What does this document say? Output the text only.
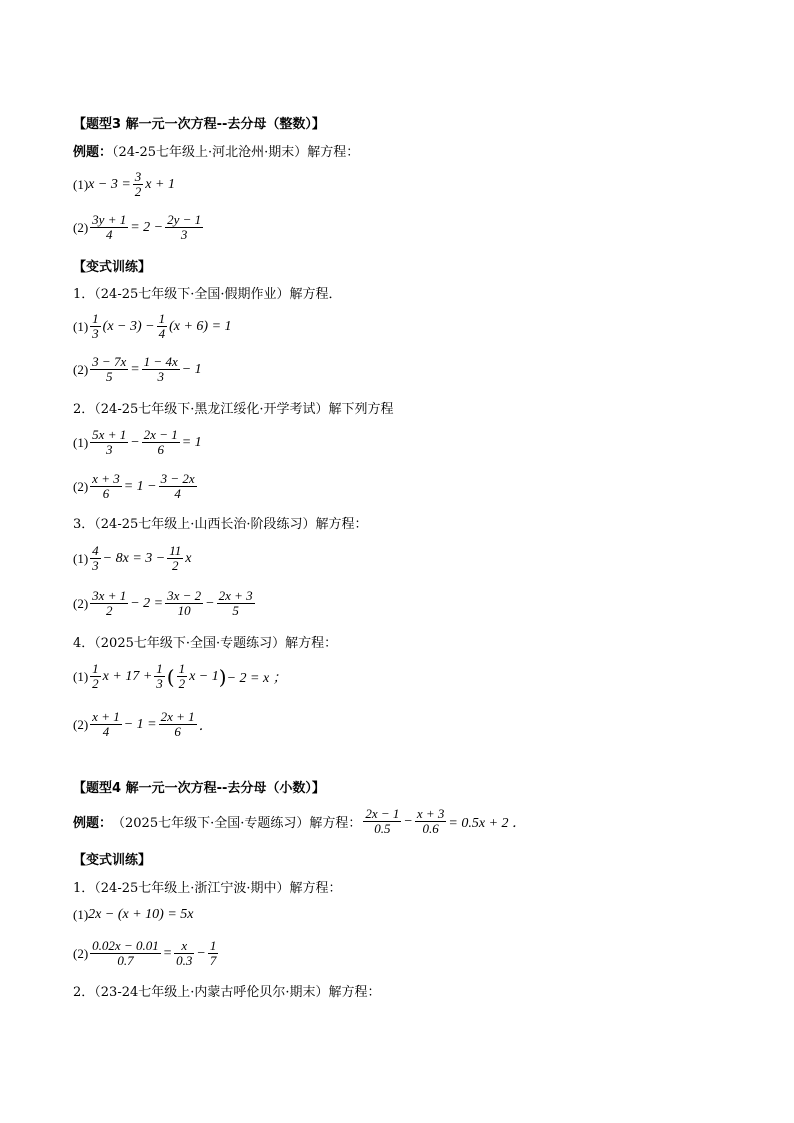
【题型3 解一元一次方程--去分母（整数）】
例题：（24-25七年级上·河北沧州·期末）解方程：
(1) $x - 3 = \frac{3}{2}$ x + 1
$(2) \frac{3y + 1}{4} = 2 - \frac{2y - 1}{3}$
【变式训练】
1．（24-25七年级下·全国·假期作业）解方程．
$(1) \frac{1}{3} (x - 3) - \frac{1}{4} (x + 6) = 1$
$(2) \frac{3 - 7x}{5} = \frac{1 - 4x}{3} - 1$
2．（24-25七年级下·黑龙江绥化·开学考试）解下列方程
$(1) \frac{5x + 1}{3} - \frac{2x - 1}{6} = 1$
$(2) \frac{x + 3}{6} = 1 - \frac{3 - 2x}{4}$
3．（24-25七年级上·山西长治·阶段练习）解方程：
$(1) \frac{4}{3} - 8x = 3 - \frac{11}{2}$ x
$(2) \frac{3x + 1}{2} - 2 = \frac{3x - 2}{10} - \frac{2x + 3}{5}$
4．（2025七年级下·全国·专题练习）解方程：
$(1) \frac{1}{2}$ $x + 17 + \frac{1}{3}$ ( $\frac{1}{2}$ x − 1 ) − 2 = x ；
$(2) \frac{x + 1}{4} - 1 = \frac{2x + 1}{6}$ ．
【题型4 解一元一次方程--去分母（小数）】
例题： （2025七年级下·全国·专题练习）解方程： $\frac{2x - 1}{0.5} - \frac{x + 3}{0.6} = 0.5x + 2$ ．
【变式训练】
1．（24-25七年级上·浙江宁波·期中）解方程：
(1) 2x − (x + 10) = 5x
$(2) \frac{0.02x - 0.01}{0.7} = \frac{x}{0.3} - \frac{1}{7}$
2．（23-24七年级上·内蒙古呼伦贝尔·期末）解方程：
